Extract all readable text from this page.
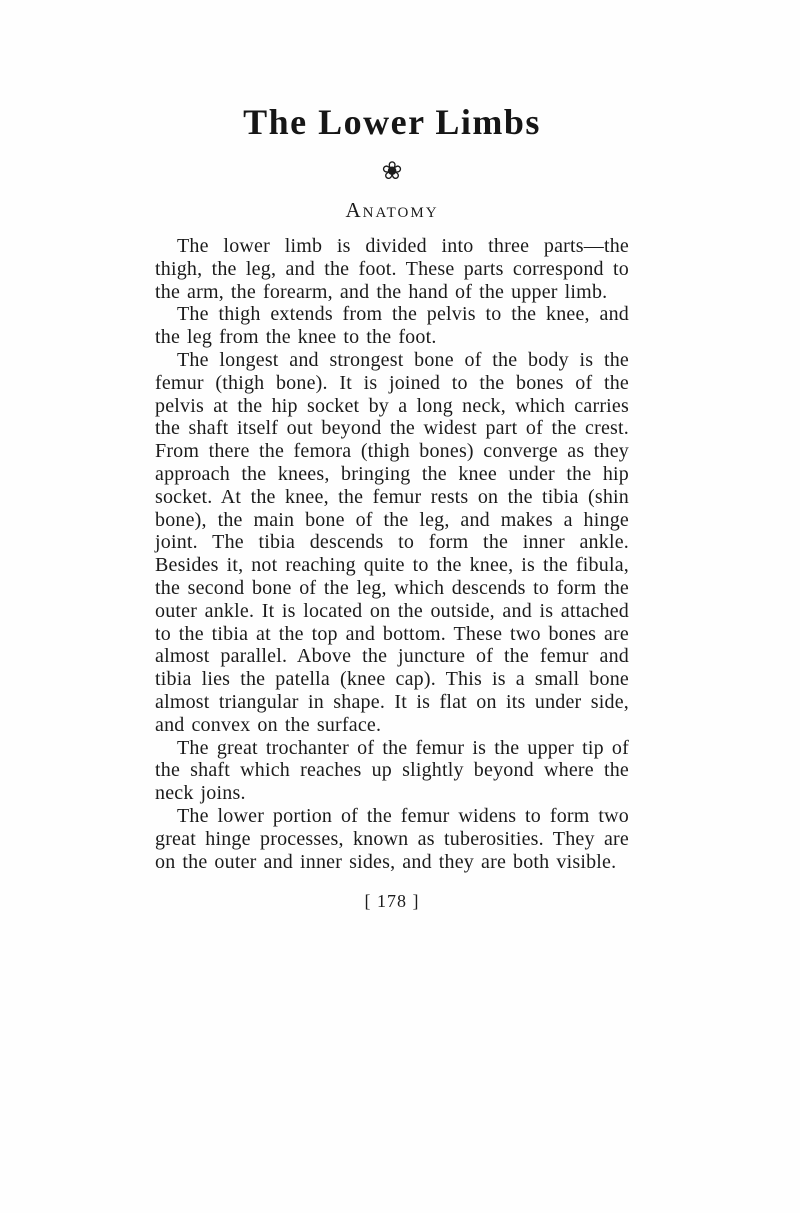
The Lower Limbs
❀
Anatomy

The lower limb is divided into three parts—the thigh, the leg, and the foot. These parts correspond to the arm, the forearm, and the hand of the upper limb.

The thigh extends from the pelvis to the knee, and the leg from the knee to the foot.

The longest and strongest bone of the body is the femur (thigh bone). It is joined to the bones of the pelvis at the hip socket by a long neck, which carries the shaft itself out beyond the widest part of the crest. From there the femora (thigh bones) converge as they approach the knees, bringing the knee under the hip socket. At the knee, the femur rests on the tibia (shin bone), the main bone of the leg, and makes a hinge joint. The tibia descends to form the inner ankle. Besides it, not reaching quite to the knee, is the fibula, the second bone of the leg, which descends to form the outer ankle. It is located on the outside, and is attached to the tibia at the top and bottom. These two bones are almost parallel. Above the juncture of the femur and tibia lies the patella (knee cap). This is a small bone almost triangular in shape. It is flat on its under side, and convex on the surface.

The great trochanter of the femur is the upper tip of the shaft which reaches up slightly beyond where the neck joins.

The lower portion of the femur widens to form two great hinge processes, known as tuberosities. They are on the outer and inner sides, and they are both visible.

[ 178 ]
